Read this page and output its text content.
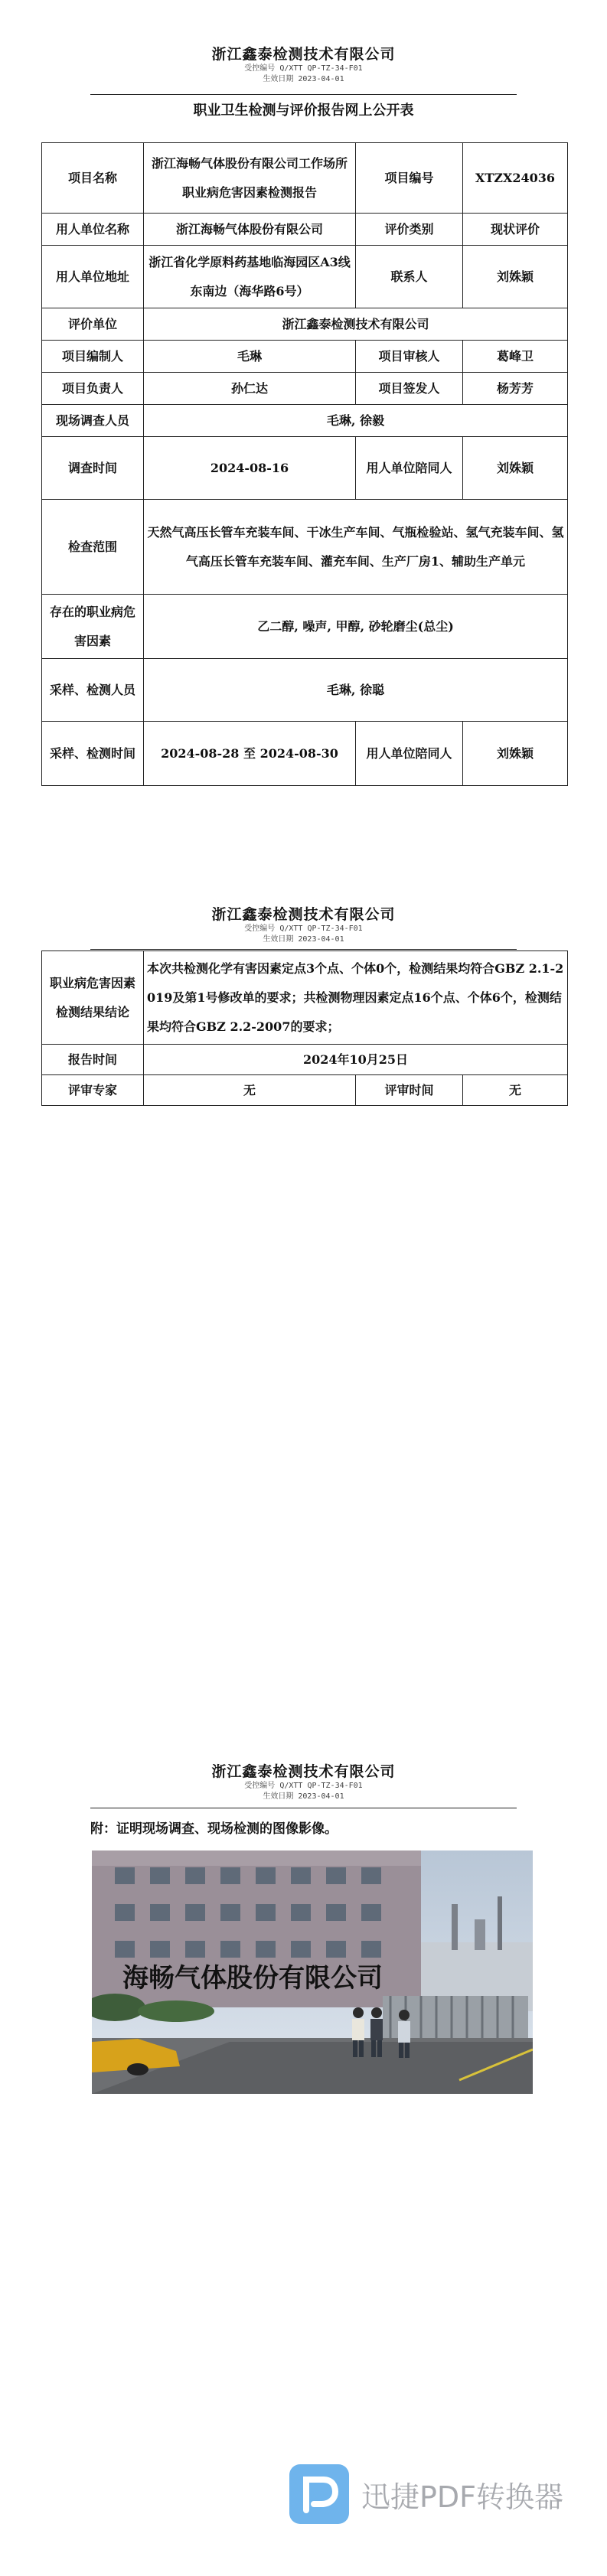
浙江鑫泰检测技术有限公司
受控编号 Q/XTT QP-TZ-34-F01
生效日期 2023-04-01
职业卫生检测与评价报告网上公开表
项目名称	浙江海畅气体股份有限公司工作场所职业病危害因素检测报告	项目编号	XTZX24036
用人单位名称	浙江海畅气体股份有限公司	评价类别	现状评价
用人单位地址	浙江省化学原料药基地临海园区A3线东南边（海华路6号）	联系人	刘姝颖
评价单位	浙江鑫泰检测技术有限公司		
项目编制人	毛琳	项目审核人	葛峰卫
项目负责人	孙仁达	项目签发人	杨芳芳
现场调查人员	毛琳, 徐毅		
调查时间	2024-08-16	用人单位陪同人	刘姝颖
检查范围	天然气高压长管车充装车间、干冰生产车间、气瓶检验站、氢气充装车间、氢气高压长管车充装车间、灌充车间、生产厂房1、辅助生产单元		
存在的职业病危害因素	乙二醇, 噪声, 甲醇, 砂轮磨尘(总尘)		
采样、检测人员	毛琳, 徐聪		
采样、检测时间	2024-08-28 至 2024-08-30	用人单位陪同人	刘姝颖
浙江鑫泰检测技术有限公司
受控编号 Q/XTT QP-TZ-34-F01
生效日期 2023-04-01
职业病危害因素检测结果结论	本次共检测化学有害因素定点3个点、个体0个，检测结果均符合GBZ 2.1-2019及第1号修改单的要求；共检测物理因素定点16个点、个体6个，检测结果均符合GBZ 2.2-2007的要求；		
报告时间	2024年10月25日		
评审专家	无	评审时间	无
浙江鑫泰检测技术有限公司
受控编号 Q/XTT QP-TZ-34-F01
生效日期 2023-04-01
附：证明现场调查、现场检测的图像影像。
海畅气体股份有限公司
迅捷PDF转换器
